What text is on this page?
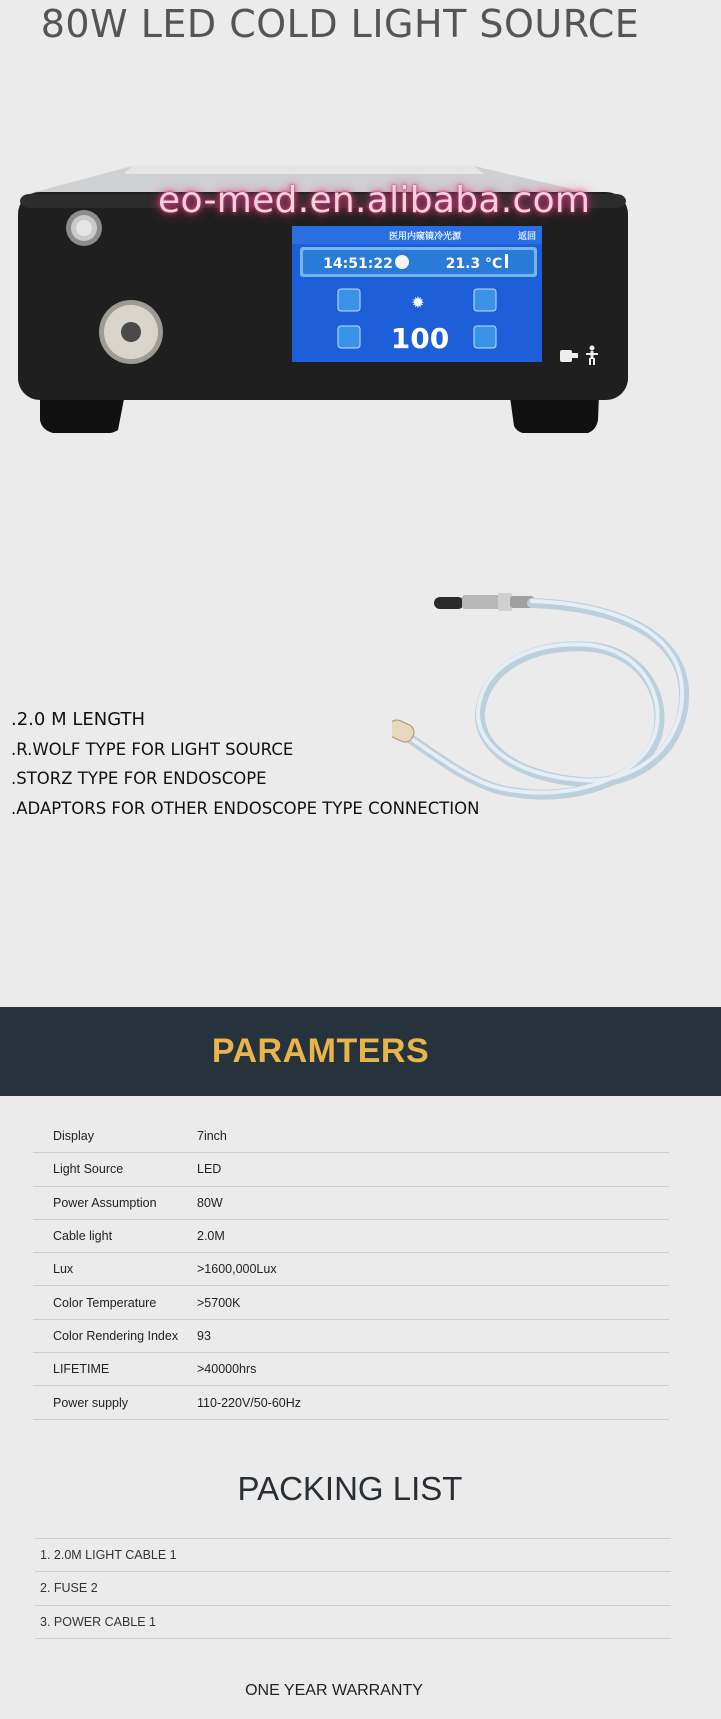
80W LED COLD LIGHT SOURCE
医用内窥镜冷光源	返回
14:51:22	21.3 °C
✹
100
eo-med.en.alibaba.com
.2.0 M LENGTH
.R.WOLF TYPE FOR LIGHT SOURCE
.STORZ TYPE FOR ENDOSCOPE
.ADAPTORS FOR OTHER ENDOSCOPE TYPE CONNECTION
PARAMTERS
Display	7inch
Light Source	LED
Power Assumption	80W
Cable light	2.0M
Lux	>1600,000Lux
Color Temperature	>5700K
Color Rendering Index	93
LIFETIME	>40000hrs
Power supply	110-220V/50-60Hz
PACKING LIST
1. 2.0M LIGHT CABLE 1
2. FUSE 2
3. POWER CABLE 1
ONE YEAR WARRANTY
